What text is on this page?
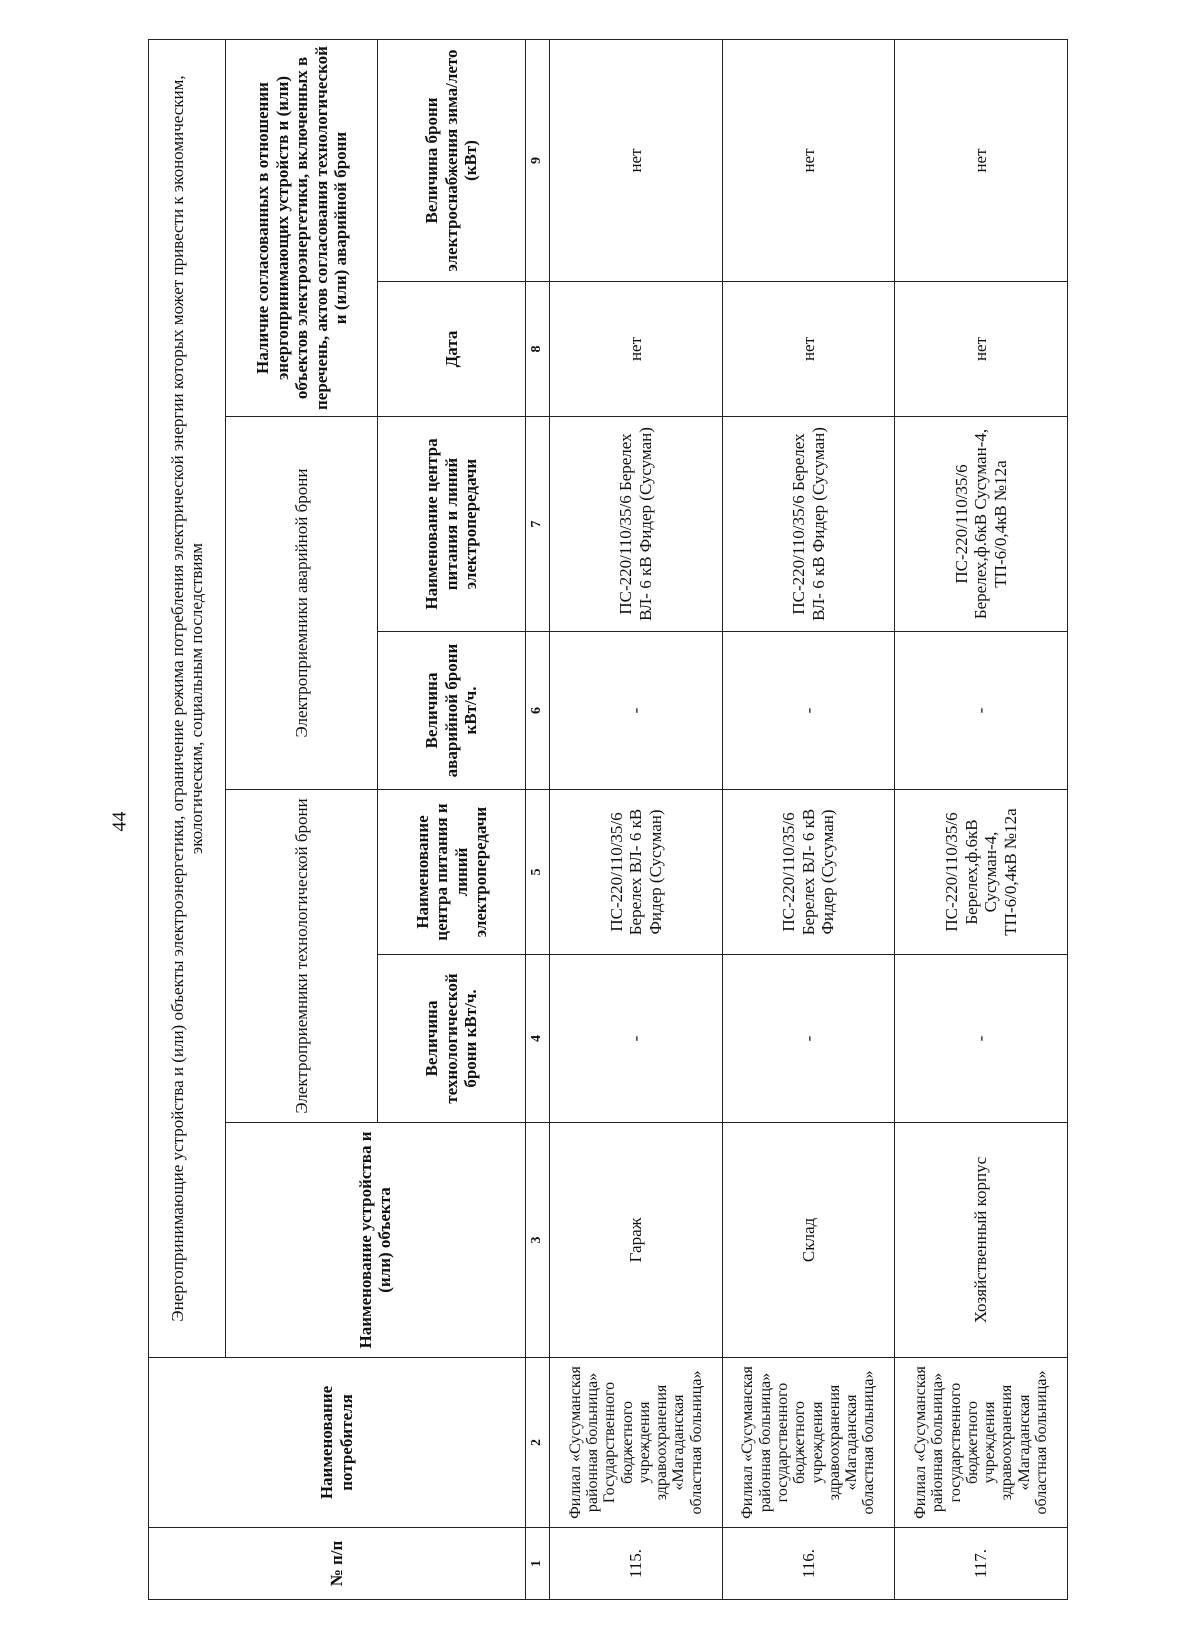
44
№ п/п	Наименование потребителя	Энергопринимающие устройства и (или) объекты электроэнергетики, ограничение режима потребления электрической энергии которых может привести к экономическим, экологическим, социальным последствиям						
		Наименование устройства и (или) объекта	Электроприемники технологической брони		Электроприемники аварийной брони		Наличие согласованных в отношении энергопринимающих устройств и (или) объектов электроэнергетики, включенных в перечень, актов согласования технологической и (или) аварийной брони	
			Величина технологической брони кВт/ч.	Наименование центра питания и линий электропередачи	Величина аварийной брони кВт/ч.	Наименование центра питания и линий электропередачи	Дата	Величина брони электроснабжения зима/лето (кВт)
1	2	3	4	5	6	7	8	9
115.	Филиал «Сусуманская районная больница» Государственного бюджетного учреждения здравоохранения «Магаданская областная больница»	Гараж	-	ПС-220/110/35/6 Берелех ВЛ- 6 кВ Фидер (Сусуман)	-	ПС-220/110/35/6 Берелех ВЛ- 6 кВ Фидер (Сусуман)	нет	нет
116.	Филиал «Сусуманская районная больница» государственного бюджетного учреждения здравоохранения «Магаданская областная больница»	Склад	-	ПС-220/110/35/6 Берелех ВЛ- 6 кВ Фидер (Сусуман)	-	ПС-220/110/35/6 Берелех ВЛ- 6 кВ Фидер (Сусуман)	нет	нет
117.	Филиал «Сусуманская районная больница» государственного бюджетного учреждения здравоохранения «Магаданская областная больница»	Хозяйственный корпус	-	ПС-220/110/35/6 Берелех,ф.6кВ Сусуман-4, ТП-6/0,4кВ №12а	-	ПС-220/110/35/6 Берелех,ф.6кВ Сусуман-4, ТП-6/0,4кВ №12а	нет	нет
